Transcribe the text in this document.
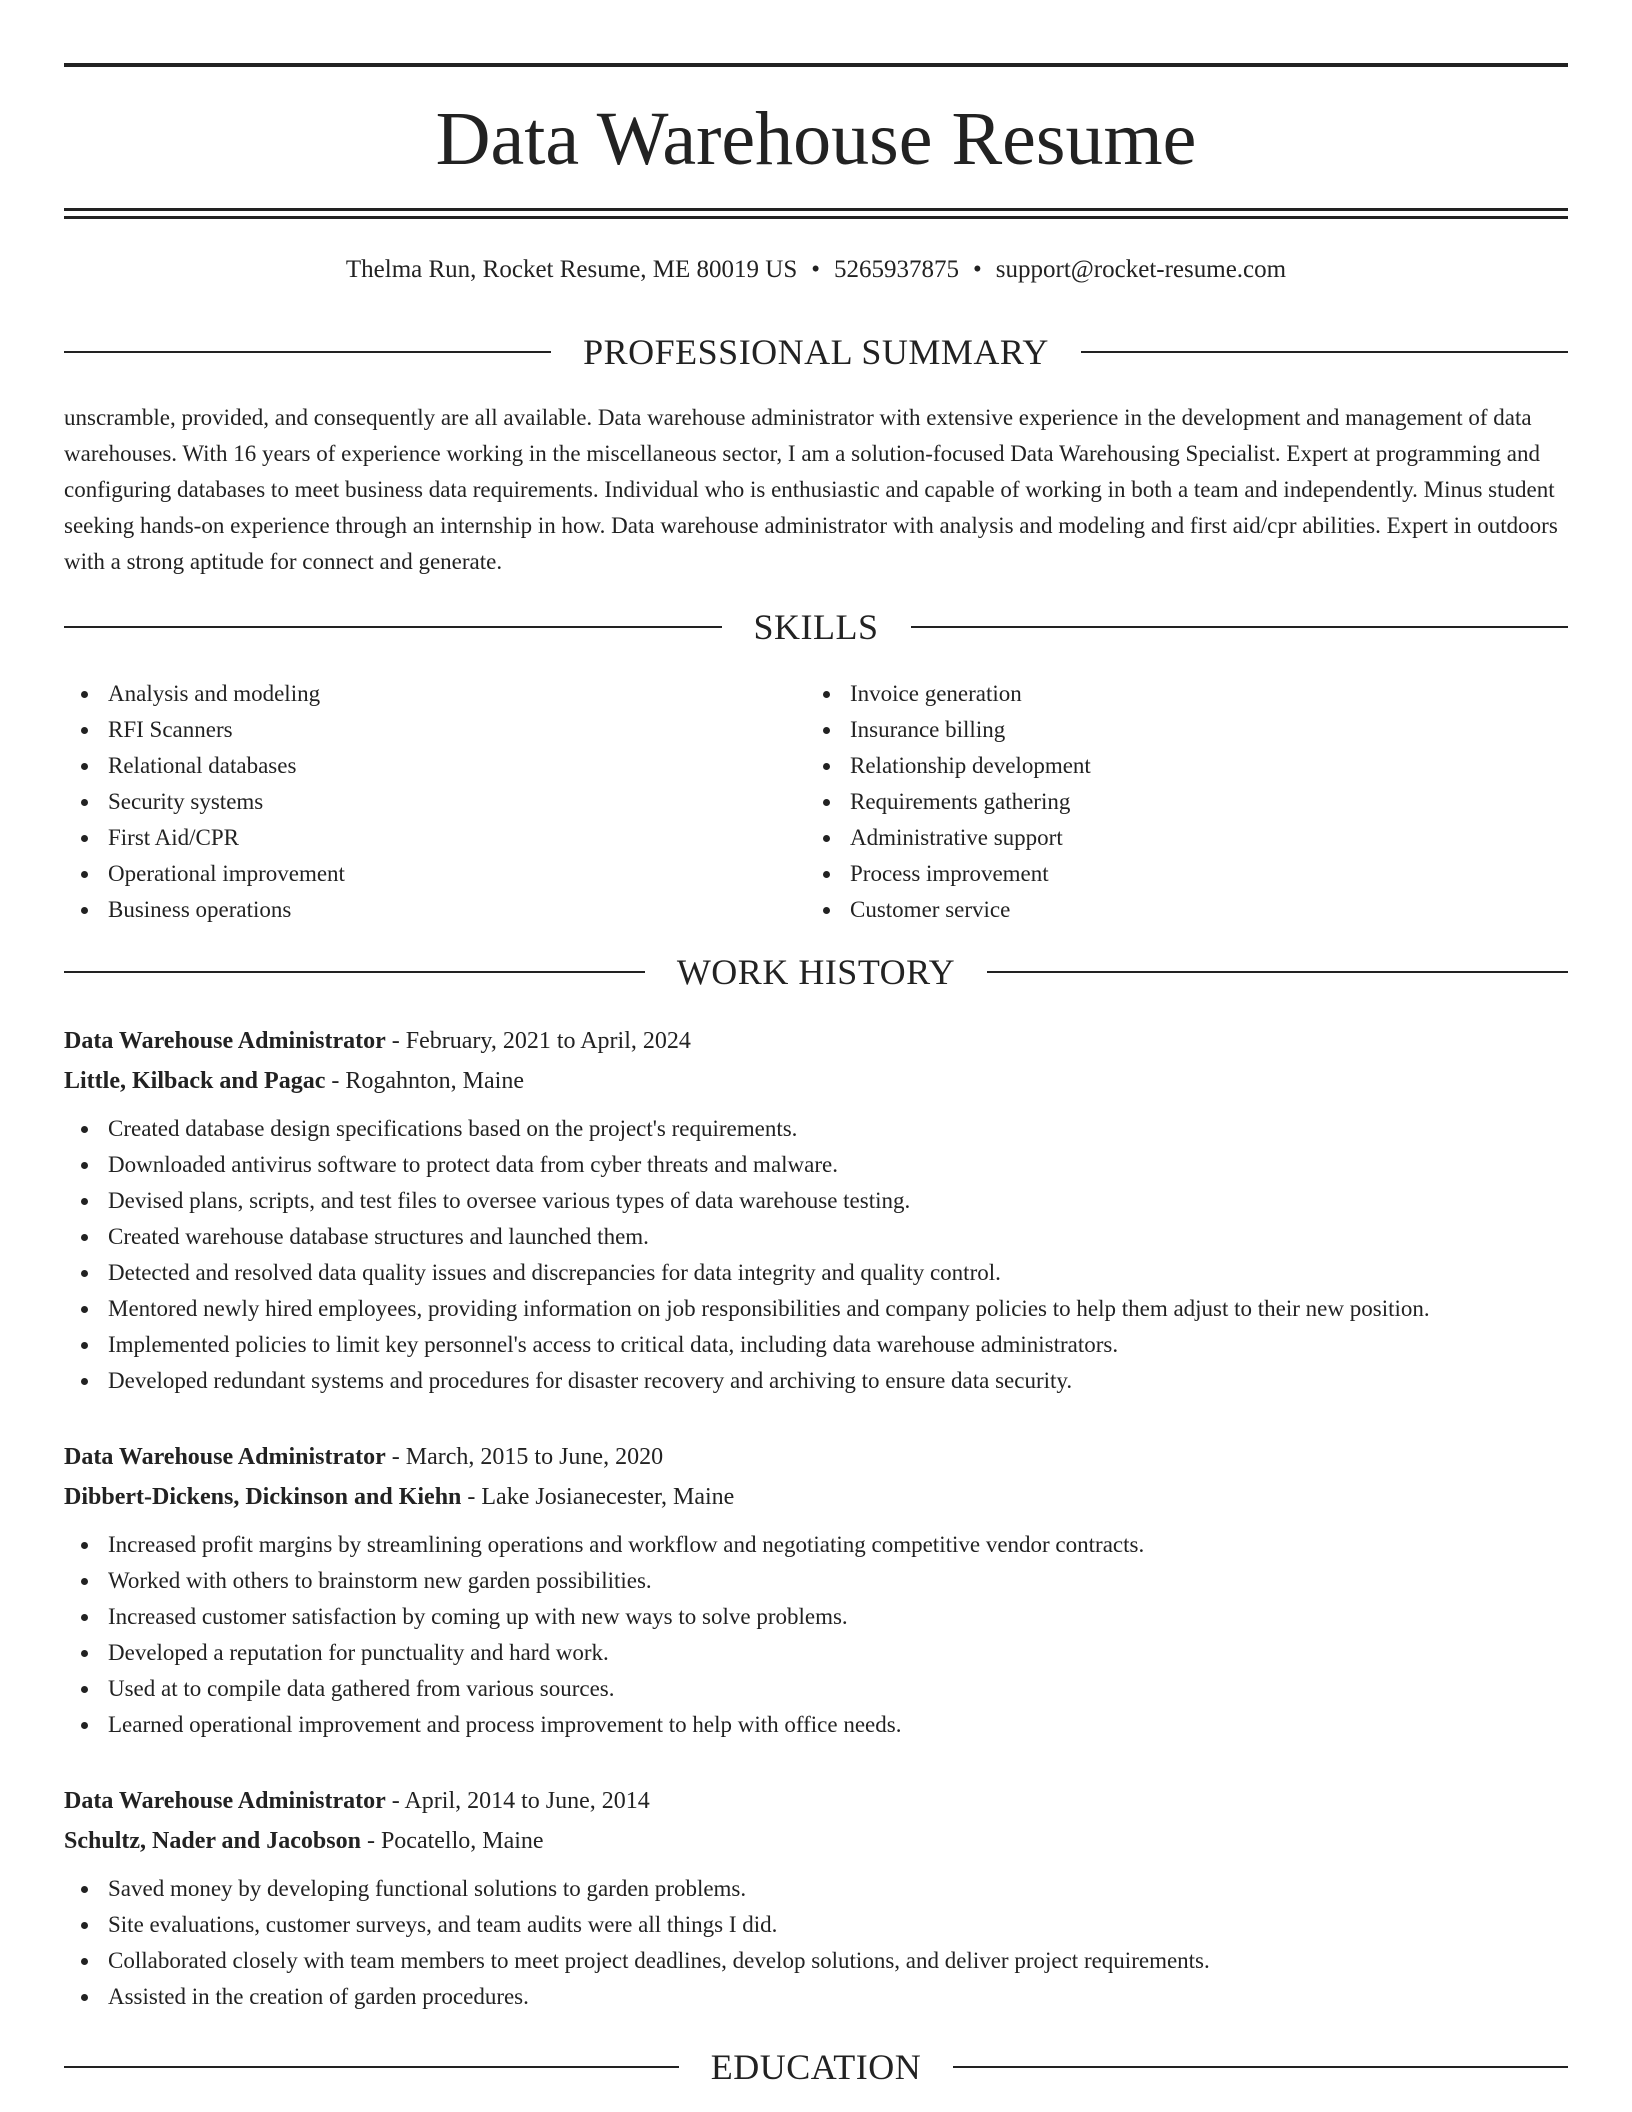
Data Warehouse Resume
Thelma Run, Rocket Resume, ME 80019 US • 5265937875 • support@rocket-resume.com
PROFESSIONAL SUMMARY

unscramble, provided, and consequently are all available. Data warehouse administrator with extensive experience in the development and management of data warehouses. With 16 years of experience working in the miscellaneous sector, I am a solution-focused Data Warehousing Specialist. Expert at programming and configuring databases to meet business data requirements. Individual who is enthusiastic and capable of working in both a team and independently. Minus student seeking hands-on experience through an internship in how. Data warehouse administrator with analysis and modeling and first aid/cpr abilities. Expert in outdoors with a strong aptitude for connect and generate.

SKILLS
Analysis and modeling
RFI Scanners
Relational databases
Security systems
First Aid/CPR
Operational improvement
Business operations
Invoice generation
Insurance billing
Relationship development
Requirements gathering
Administrative support
Process improvement
Customer service
WORK HISTORY
Data Warehouse Administrator - February, 2021 to April, 2024
Little, Kilback and Pagac - Rogahnton, Maine
Created database design specifications based on the project's requirements.
Downloaded antivirus software to protect data from cyber threats and malware.
Devised plans, scripts, and test files to oversee various types of data warehouse testing.
Created warehouse database structures and launched them.
Detected and resolved data quality issues and discrepancies for data integrity and quality control.
Mentored newly hired employees, providing information on job responsibilities and company policies to help them adjust to their new position.
Implemented policies to limit key personnel's access to critical data, including data warehouse administrators.
Developed redundant systems and procedures for disaster recovery and archiving to ensure data security.
Data Warehouse Administrator - March, 2015 to June, 2020
Dibbert-Dickens, Dickinson and Kiehn - Lake Josianecester, Maine
Increased profit margins by streamlining operations and workflow and negotiating competitive vendor contracts.
Worked with others to brainstorm new garden possibilities.
Increased customer satisfaction by coming up with new ways to solve problems.
Developed a reputation for punctuality and hard work.
Used at to compile data gathered from various sources.
Learned operational improvement and process improvement to help with office needs.
Data Warehouse Administrator - April, 2014 to June, 2014
Schultz, Nader and Jacobson - Pocatello, Maine
Saved money by developing functional solutions to garden problems.
Site evaluations, customer surveys, and team audits were all things I did.
Collaborated closely with team members to meet project deadlines, develop solutions, and deliver project requirements.
Assisted in the creation of garden procedures.
EDUCATION
